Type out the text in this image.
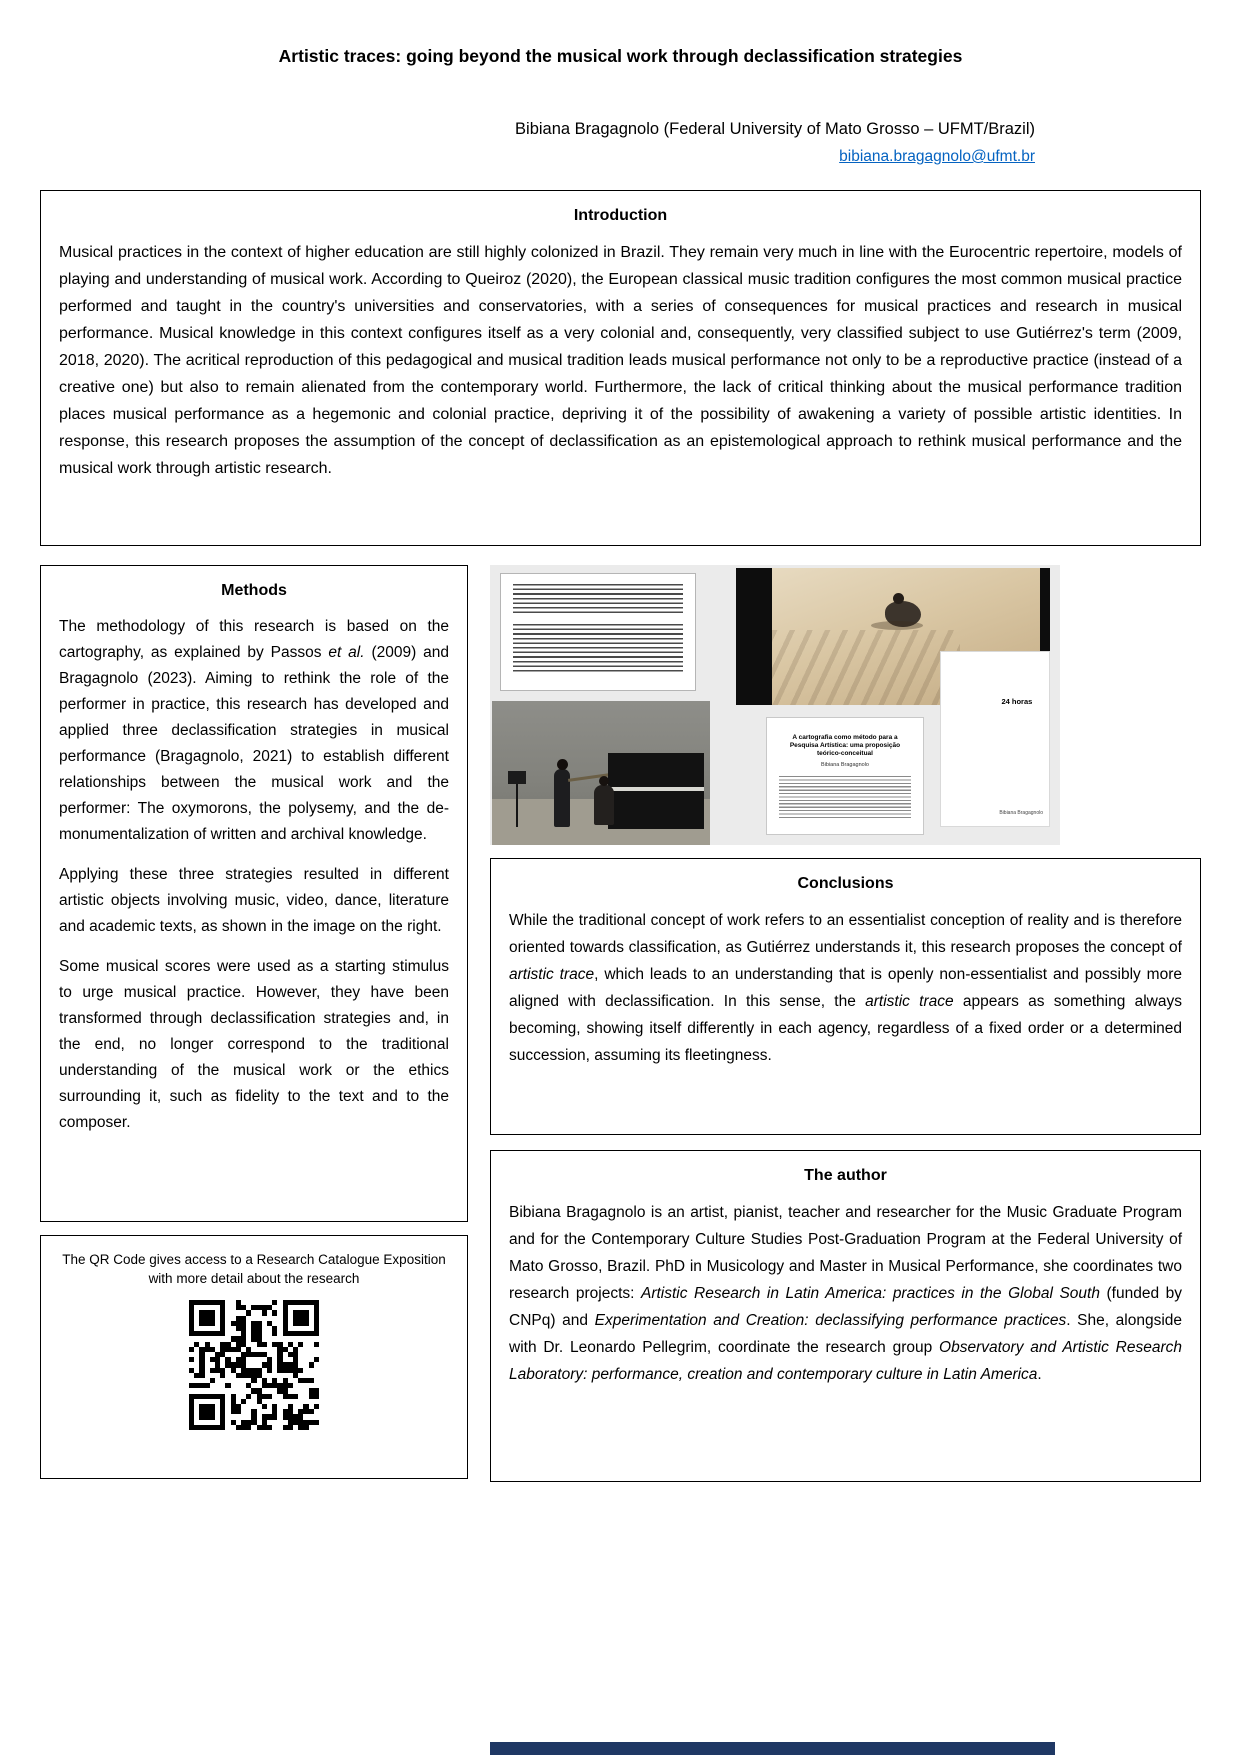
Artistic traces: going beyond the musical work through declassification strategies
Bibiana Bragagnolo (Federal University of Mato Grosso – UFMT/Brazil)
bibiana.bragagnolo@ufmt.br
Introduction

Musical practices in the context of higher education are still highly colonized in Brazil. They remain very much in line with the Eurocentric repertoire, models of playing and understanding of musical work. According to Queiroz (2020), the European classical music tradition configures the most common musical practice performed and taught in the country's universities and conservatories, with a series of consequences for musical practices and research in musical performance. Musical knowledge in this context configures itself as a very colonial and, consequently, very classified subject to use Gutiérrez's term (2009, 2018, 2020). The acritical reproduction of this pedagogical and musical tradition leads musical performance not only to be a reproductive practice (instead of a creative one) but also to remain alienated from the contemporary world. Furthermore, the lack of critical thinking about the musical performance tradition places musical performance as a hegemonic and colonial practice, depriving it of the possibility of awakening a variety of possible artistic identities. In response, this research proposes the assumption of the concept of declassification as an epistemological approach to rethink musical performance and the musical work through artistic research.

Methods

The methodology of this research is based on the cartography, as explained by Passos et al. (2009) and Bragagnolo (2023). Aiming to rethink the role of the performer in practice, this research has developed and applied three declassification strategies in musical performance (Bragagnolo, 2021) to establish different relationships between the musical work and the performer: The oxymorons, the polysemy, and the de-monumentalization of written and archival knowledge.

Applying these three strategies resulted in different artistic objects involving music, video, dance, literature and academic texts, as shown in the image on the right.

Some musical scores were used as a starting stimulus to urge musical practice. However, they have been transformed through declassification strategies and, in the end, no longer correspond to the traditional understanding of the musical work or the ethics surrounding it, such as fidelity to the text and to the composer.

A cartografia como método para a Pesquisa Artística: uma proposição teórico-conceitual
Bibiana Bragagnolo
24 horas
Bibiana Bragagnolo
Conclusions

While the traditional concept of work refers to an essentialist conception of reality and is therefore oriented towards classification, as Gutiérrez understands it, this research proposes the concept of artistic trace, which leads to an understanding that is openly non-essentialist and possibly more aligned with declassification. In this sense, the artistic trace appears as something always becoming, showing itself differently in each agency, regardless of a fixed order or a determined succession, assuming its fleetingness.

The author

Bibiana Bragagnolo is an artist, pianist, teacher and researcher for the Music Graduate Program and for the Contemporary Culture Studies Post-Graduation Program at the Federal University of Mato Grosso, Brazil. PhD in Musicology and Master in Musical Performance, she coordinates two research projects: Artistic Research in Latin America: practices in the Global South (funded by CNPq) and Experimentation and Creation: declassifying performance practices. She, alongside with Dr. Leonardo Pellegrim, coordinate the research group Observatory and Artistic Research Laboratory: performance, creation and contemporary culture in Latin America.

The QR Code gives access to a Research Catalogue Exposition with more detail about the research
